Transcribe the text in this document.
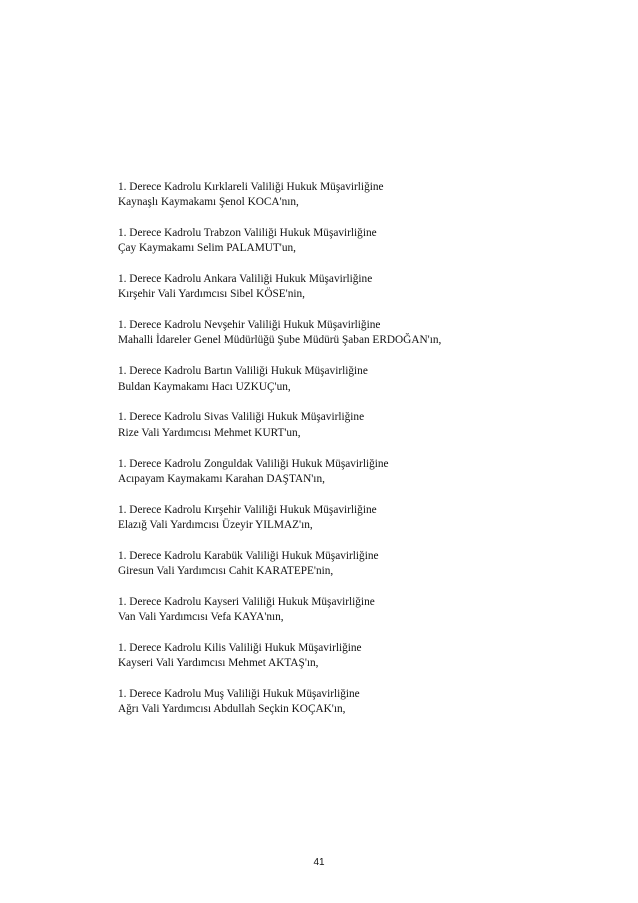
1. Derece Kadrolu Kırklareli Valiliği Hukuk Müşavirliğine
Kaynaşlı Kaymakamı Şenol KOCA'nın,
1. Derece Kadrolu Trabzon Valiliği Hukuk Müşavirliğine
Çay Kaymakamı Selim PALAMUT'un,
1. Derece Kadrolu Ankara Valiliği Hukuk Müşavirliğine
Kırşehir Vali Yardımcısı Sibel KÖSE'nin,
1. Derece Kadrolu Nevşehir Valiliği Hukuk Müşavirliğine
Mahalli İdareler Genel Müdürlüğü Şube Müdürü Şaban ERDOĞAN'ın,
1. Derece Kadrolu Bartın Valiliği Hukuk Müşavirliğine
Buldan Kaymakamı Hacı UZKUÇ'un,
1. Derece Kadrolu Sivas Valiliği Hukuk Müşavirliğine
Rize Vali Yardımcısı Mehmet KURT'un,
1. Derece Kadrolu Zonguldak Valiliği Hukuk Müşavirliğine
Acıpayam Kaymakamı Karahan DAŞTAN'ın,
1. Derece Kadrolu Kırşehir Valiliği Hukuk Müşavirliğine
Elazığ Vali Yardımcısı Üzeyir YILMAZ'ın,
1. Derece Kadrolu Karabük Valiliği Hukuk Müşavirliğine
Giresun Vali Yardımcısı Cahit KARATEPE'nin,
1. Derece Kadrolu Kayseri Valiliği Hukuk Müşavirliğine
Van Vali Yardımcısı Vefa KAYA'nın,
1. Derece Kadrolu Kilis Valiliği Hukuk Müşavirliğine
Kayseri Vali Yardımcısı Mehmet AKTAŞ'ın,
1. Derece Kadrolu Muş Valiliği Hukuk Müşavirliğine
Ağrı Vali Yardımcısı Abdullah Seçkin KOÇAK'ın,
41
